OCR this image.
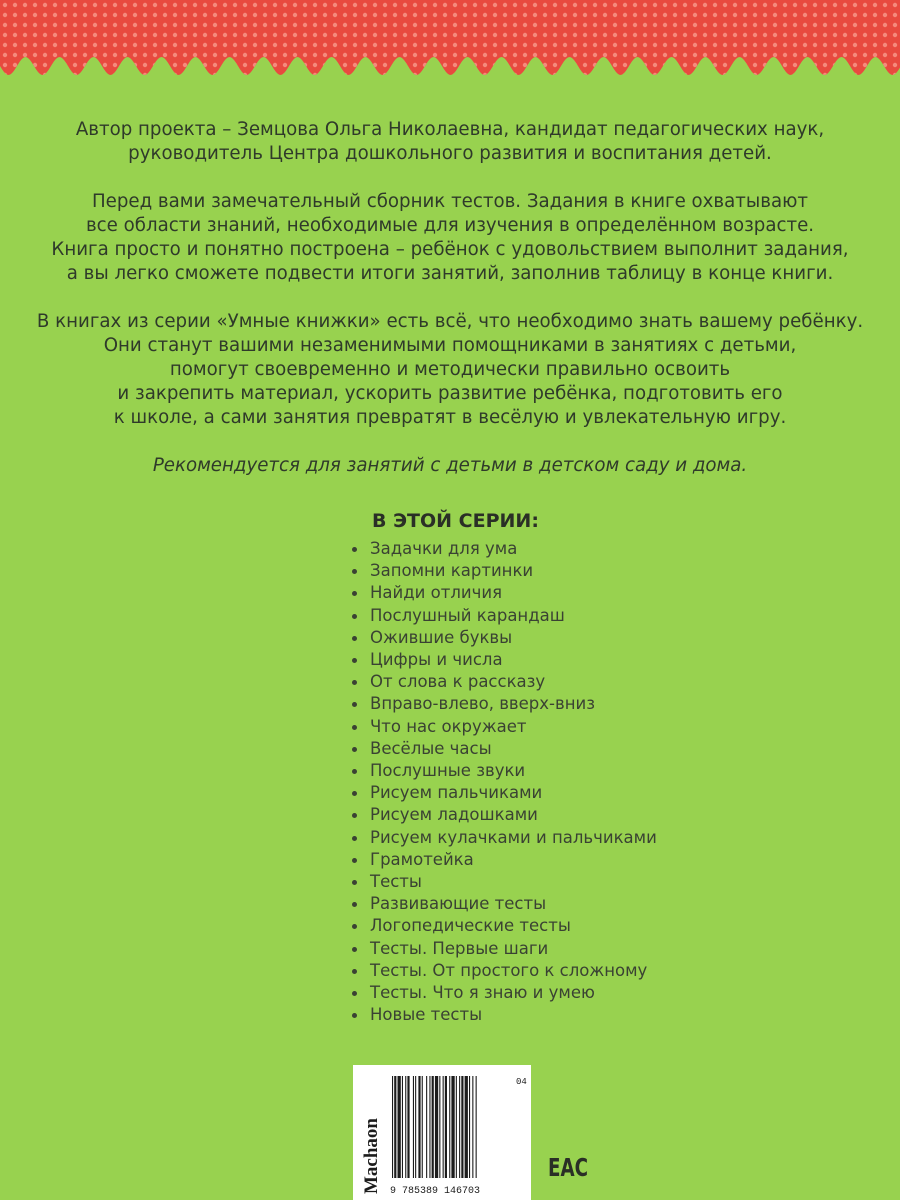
Автор проекта – Земцова Ольга Николаевна, кандидат педагогических наук,
руководитель Центра дошкольного развития и воспитания детей.
Перед вами замечательный сборник тестов. Задания в книге охватывают
все области знаний, необходимые для изучения в определённом возрасте.
Книга просто и понятно построена – ребёнок с удовольствием выполнит задания,
а вы легко сможете подвести итоги занятий, заполнив таблицу в конце книги.
В книгах из серии «Умные книжки» есть всё, что необходимо знать вашему ребёнку.
Они станут вашими незаменимыми помощниками в занятиях с детьми,
помогут своевременно и методически правильно освоить
и закрепить материал, ускорить развитие ребёнка, подготовить его
к школе, а сами занятия превратят в весёлую и увлекательную игру.
Рекомендуется для занятий с детьми в детском саду и дома.
В ЭТОЙ СЕРИИ:
Задачки для ума
Запомни картинки
Найди отличия
Послушный карандаш
Ожившие буквы
Цифры и числа
От слова к рассказу
Вправо-влево, вверх-вниз
Что нас окружает
Весёлые часы
Послушные звуки
Рисуем пальчиками
Рисуем ладошками
Рисуем кулачками и пальчиками
Грамотейка
Тесты
Развивающие тесты
Логопедические тесты
Тесты. Первые шаги
Тесты. От простого к сложному
Тесты. Что я знаю и умею
Новые тесты
Machaon
04
9 785389 146703
EAC
